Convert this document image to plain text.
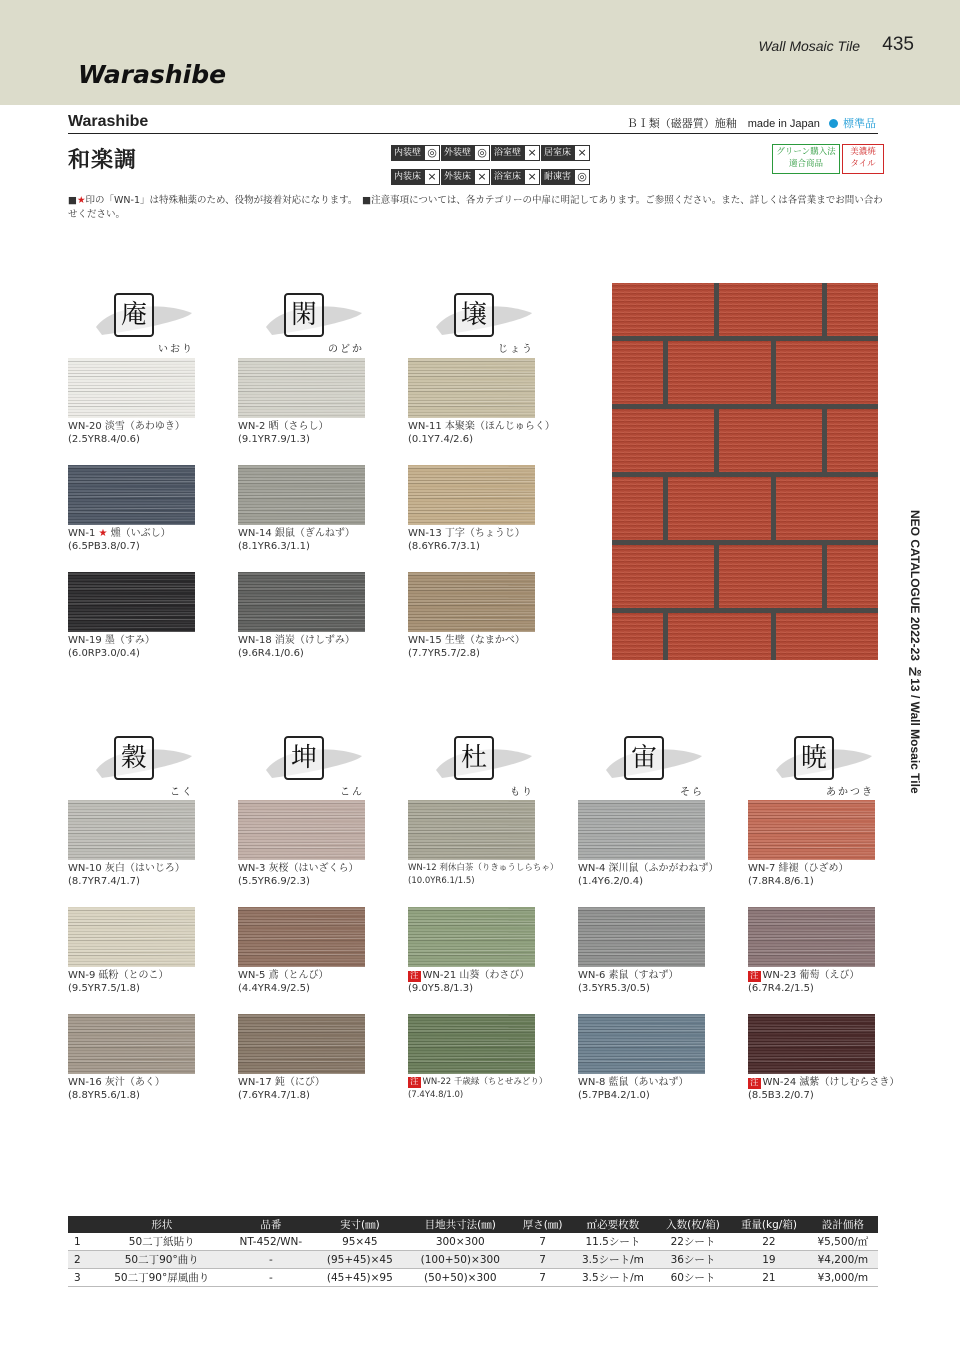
Warashibe
Wall Mosaic Tile 435
Warashibe	ＢⅠ類（磁器質）施釉　made in Japan 標準品
和楽調	内装壁 ◎ 外装壁 ◎ 浴室壁 × 居室床 ×
内装床 × 外装床 × 浴室床 × 耐凍害 ◎
グリーン購入法
適合商品
美濃焼
タイル
■★印の「WN-1」は特殊釉薬のため、役物が接着対応になります。　■注意事項については、各カテゴリーの中扉に明記してあります。ご参照ください。また、詳しくは各営業までお問い合わせください。
庵
いおり
閑
のどか
壌
じょう
穀
こく
坤
こん
杜
もり
宙
そら
暁
あかつき
WN-20 淡雪（あわゆき）
(2.5YR8.4/0.6)
WN-2 晒（さらし）
(9.1YR7.9/1.3)
WN-11 本聚楽（ほんじゅらく）
(0.1Y7.4/2.6)
WN-1 ★ 燻（いぶし）
(6.5PB3.8/0.7)
WN-14 銀鼠（ぎんねず）
(8.1YR6.3/1.1)
WN-13 丁字（ちょうじ）
(8.6YR6.7/3.1)
WN-19 墨（すみ）
(6.0RP3.0/0.4)
WN-18 消炭（けしずみ）
(9.6R4.1/0.6)
WN-15 生壁（なまかべ）
(7.7YR5.7/2.8)
WN-10 灰白（はいじろ）
(8.7YR7.4/1.7)
WN-3 灰桜（はいざくら）
(5.5YR6.9/2.3)
WN-12 利休白茶（りきゅうしらちゃ）
(10.0YR6.1/1.5)
WN-4 深川鼠（ふかがわねず）
(1.4Y6.2/0.4)
WN-7 緋褪（ひざめ）
(7.8R4.8/6.1)
WN-9 砥粉（とのこ）
(9.5YR7.5/1.8)
WN-5 鳶（とんび）
(4.4YR4.9/2.5)
注 WN-21 山葵（わさび）
(9.0Y5.8/1.3)
WN-6 素鼠（すねず）
(3.5YR5.3/0.5)
注 WN-23 葡萄（えび）
(6.7R4.2/1.5)
WN-16 灰汁（あく）
(8.8YR5.6/1.8)
WN-17 鈍（にび）
(7.6YR4.7/1.8)
注 WN-22 千歳緑（ちとせみどり）
(7.4Y4.8/1.0)
WN-8 藍鼠（あいねず）
(5.7PB4.2/1.0)
注 WN-24 滅紫（けしむらさき）
(8.5B3.2/0.7)
NEO CATALOGUE 2022-23 №13 / Wall Mosaic Tile
	形状	品番	実寸(㎜)	目地共寸法(㎜)	厚さ(㎜)	㎡必要枚数	入数(枚/箱)	重量(kg/箱)	設計価格
1	50二丁紙貼り	NT-452/WN-	95×45	300×300	7	11.5シート	22シート	22	¥5,500/㎡
2	50二丁90°曲り	-	(95+45)×45	(100+50)×300	7	3.5シート/m	36シート	19	¥4,200/m
3	50二丁90°屏風曲り	-	(45+45)×95	(50+50)×300	7	3.5シート/m	60シート	21	¥3,000/m
